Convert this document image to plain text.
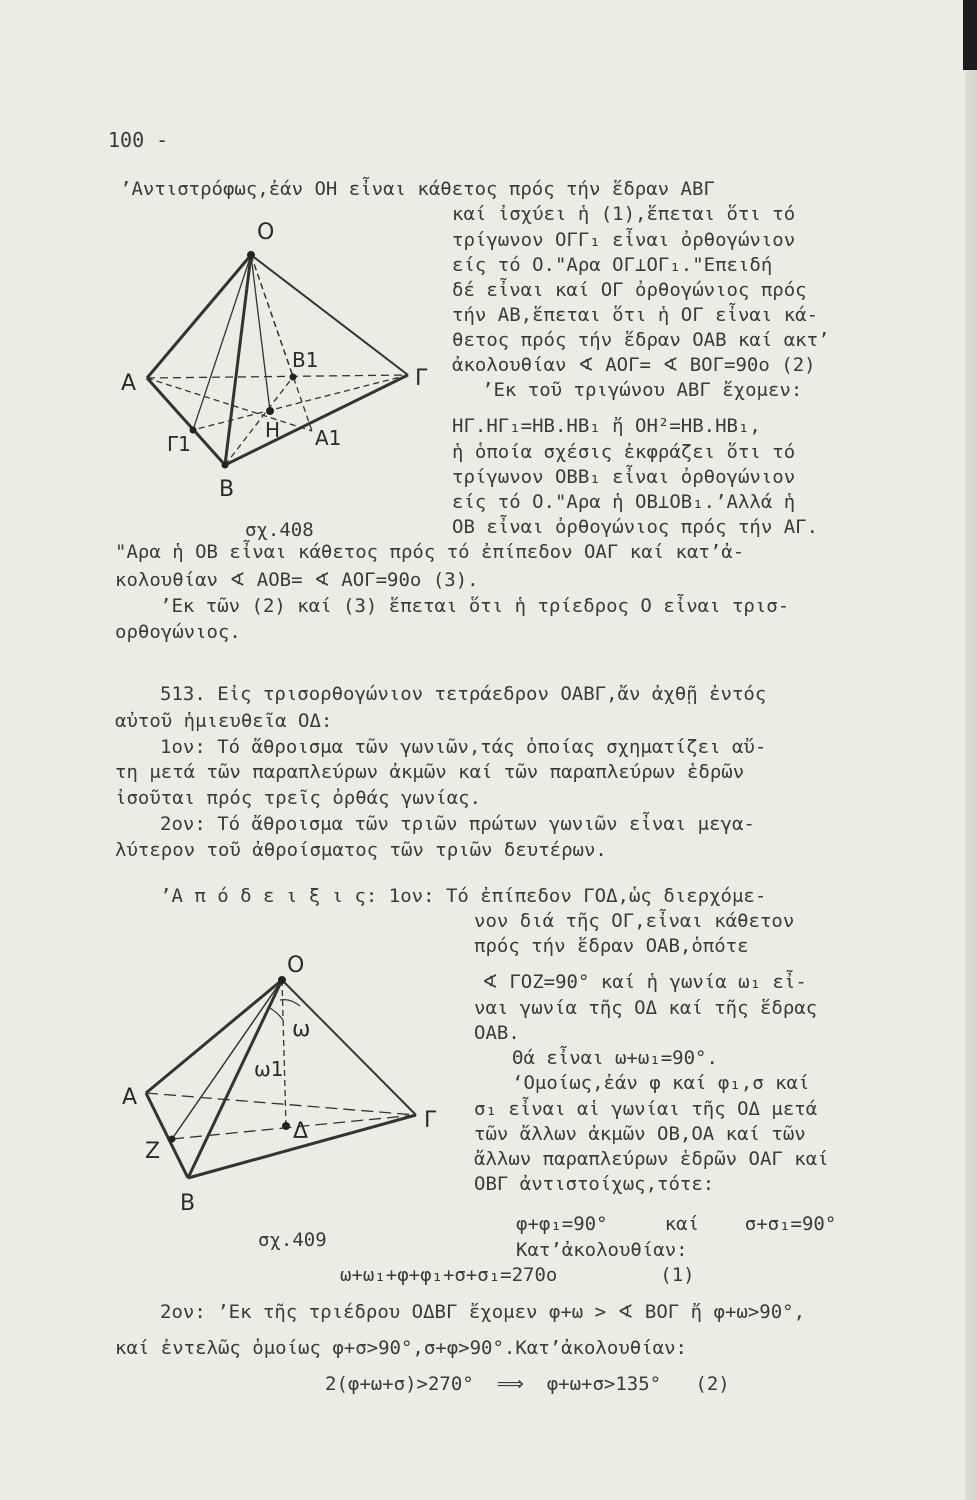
100 -
O
A
B
Γ
B1
H A1
Γ1
σχ.408
’Αντιστρόφως,ἐάν ΟΗ εἶναι κάθετος πρός τήν ἕδραν ΑΒΓ
καί ἰσχύει ἡ (1),ἕπεται ὅτι τό
τρίγωνον ΟΓΓ₁ εἶναι ὀρθογώνιον
είς τό Ο."Αρα ΟΓ⊥ΟΓ₁."Επειδή
δέ εἶναι καί ΟΓ ὀρθογώνιος πρός
τήν ΑΒ,ἕπεται ὅτι ἡ ΟΓ εἶναι κά-
θετος πρός τήν ἕδραν ΟΑΒ καί ακτ’
ἀκολουθίαν ∢ ΑΟΓ= ∢ ΒΟΓ=90ο (2)
’Εκ τοῦ τριγώνου ΑΒΓ ἔχομεν:
ΗΓ.ΗΓ₁=ΗΒ.ΗΒ₁ ἤ ΟΗ²=ΗΒ.ΗΒ₁,
ἡ ὁποία σχέσις ἐκφράζει ὅτι τό
τρίγωνον ΟΒΒ₁ εἶναι ὀρθογώνιον
είς τό Ο."Αρα ἡ ΟΒ⊥ΟΒ₁.’Αλλά ἡ
ΟΒ εἶναι ὀρθογώνιος πρός τήν ΑΓ.
"Αρα ἡ ΟΒ εἶναι κάθετος πρός τό ἐπίπεδον ΟΑΓ καί κατ’ἀ-
κολουθίαν ∢ ΑΟΒ= ∢ ΑΟΓ=90ο (3).
’Εκ τῶν (2) καί (3) ἕπεται ὅτι ἡ τρίεδρος Ο εἶναι τρισ-
ορθογώνιος.
513. Εἰς τρισορθογώνιον τετράεδρον ΟΑΒΓ,ἄν ἀχθῇ ἐντός
αὐτοῦ ἡμιευθεῖα ΟΔ:
1ον: Τό ἄθροισμα τῶν γωνιῶν,τάς ὁποίας σχηματίζει αὔ-
τη μετά τῶν παραπλεύρων ἀκμῶν καί τῶν παραπλεύρων ἑδρῶν
ἰσοῦται πρός τρεῖς ὀρθάς γωνίας.
2ον: Τό ἄθροισμα τῶν τριῶν πρώτων γωνιῶν εἶναι μεγα-
λύτερον τοῦ ἀθροίσματος τῶν τριῶν δευτέρων.
’Α π ό δ ε ι ξ ι ς: 1ον: Τό ἐπίπεδον ΓΟΔ,ὡς διερχόμε-
νον διά τῆς ΟΓ,εἶναι κάθετον
πρός τήν ἕδραν ΟΑΒ,ὁπότε
∢ ΓΟΖ=90° καί ἡ γωνία ω₁ εἶ-
ναι γωνία τῆς ΟΔ καί τῆς ἕδρας
ΟΑΒ.
Θά εἶναι ω+ω₁=90°.
‘Ομοίως,ἐάν φ καί φ₁,σ καί
σ₁ εἶναι αἱ γωνίαι τῆς ΟΔ μετά
τῶν ἄλλων ἀκμῶν ΟΒ,ΟΑ καί τῶν
ἄλλων παραπλεύρων ἑδρῶν ΟΑΓ καί
ΟΒΓ ἀντιστοίχως,τότε:
φ+φ₁=90°     καί    σ+σ₁=90°
Κατ’ἀκολουθίαν:
ω+ω₁+φ+φ₁+σ+σ₁=270ο         (1)
2ον: ’Εκ τῆς τριέδρου ΟΔΒΓ ἔχομεν φ+ω > ∢ ΒΟΓ ἤ φ+ω>90°,
καί ἐντελῶς ὁμοίως φ+σ>90°,σ+φ>90°.Κατ’ἀκολουθίαν:
2(φ+ω+σ)>270°  ⟹  φ+ω+σ>135°   (2)
O
A
B
Γ
Z
Δ
ω
ω1
σχ.409
